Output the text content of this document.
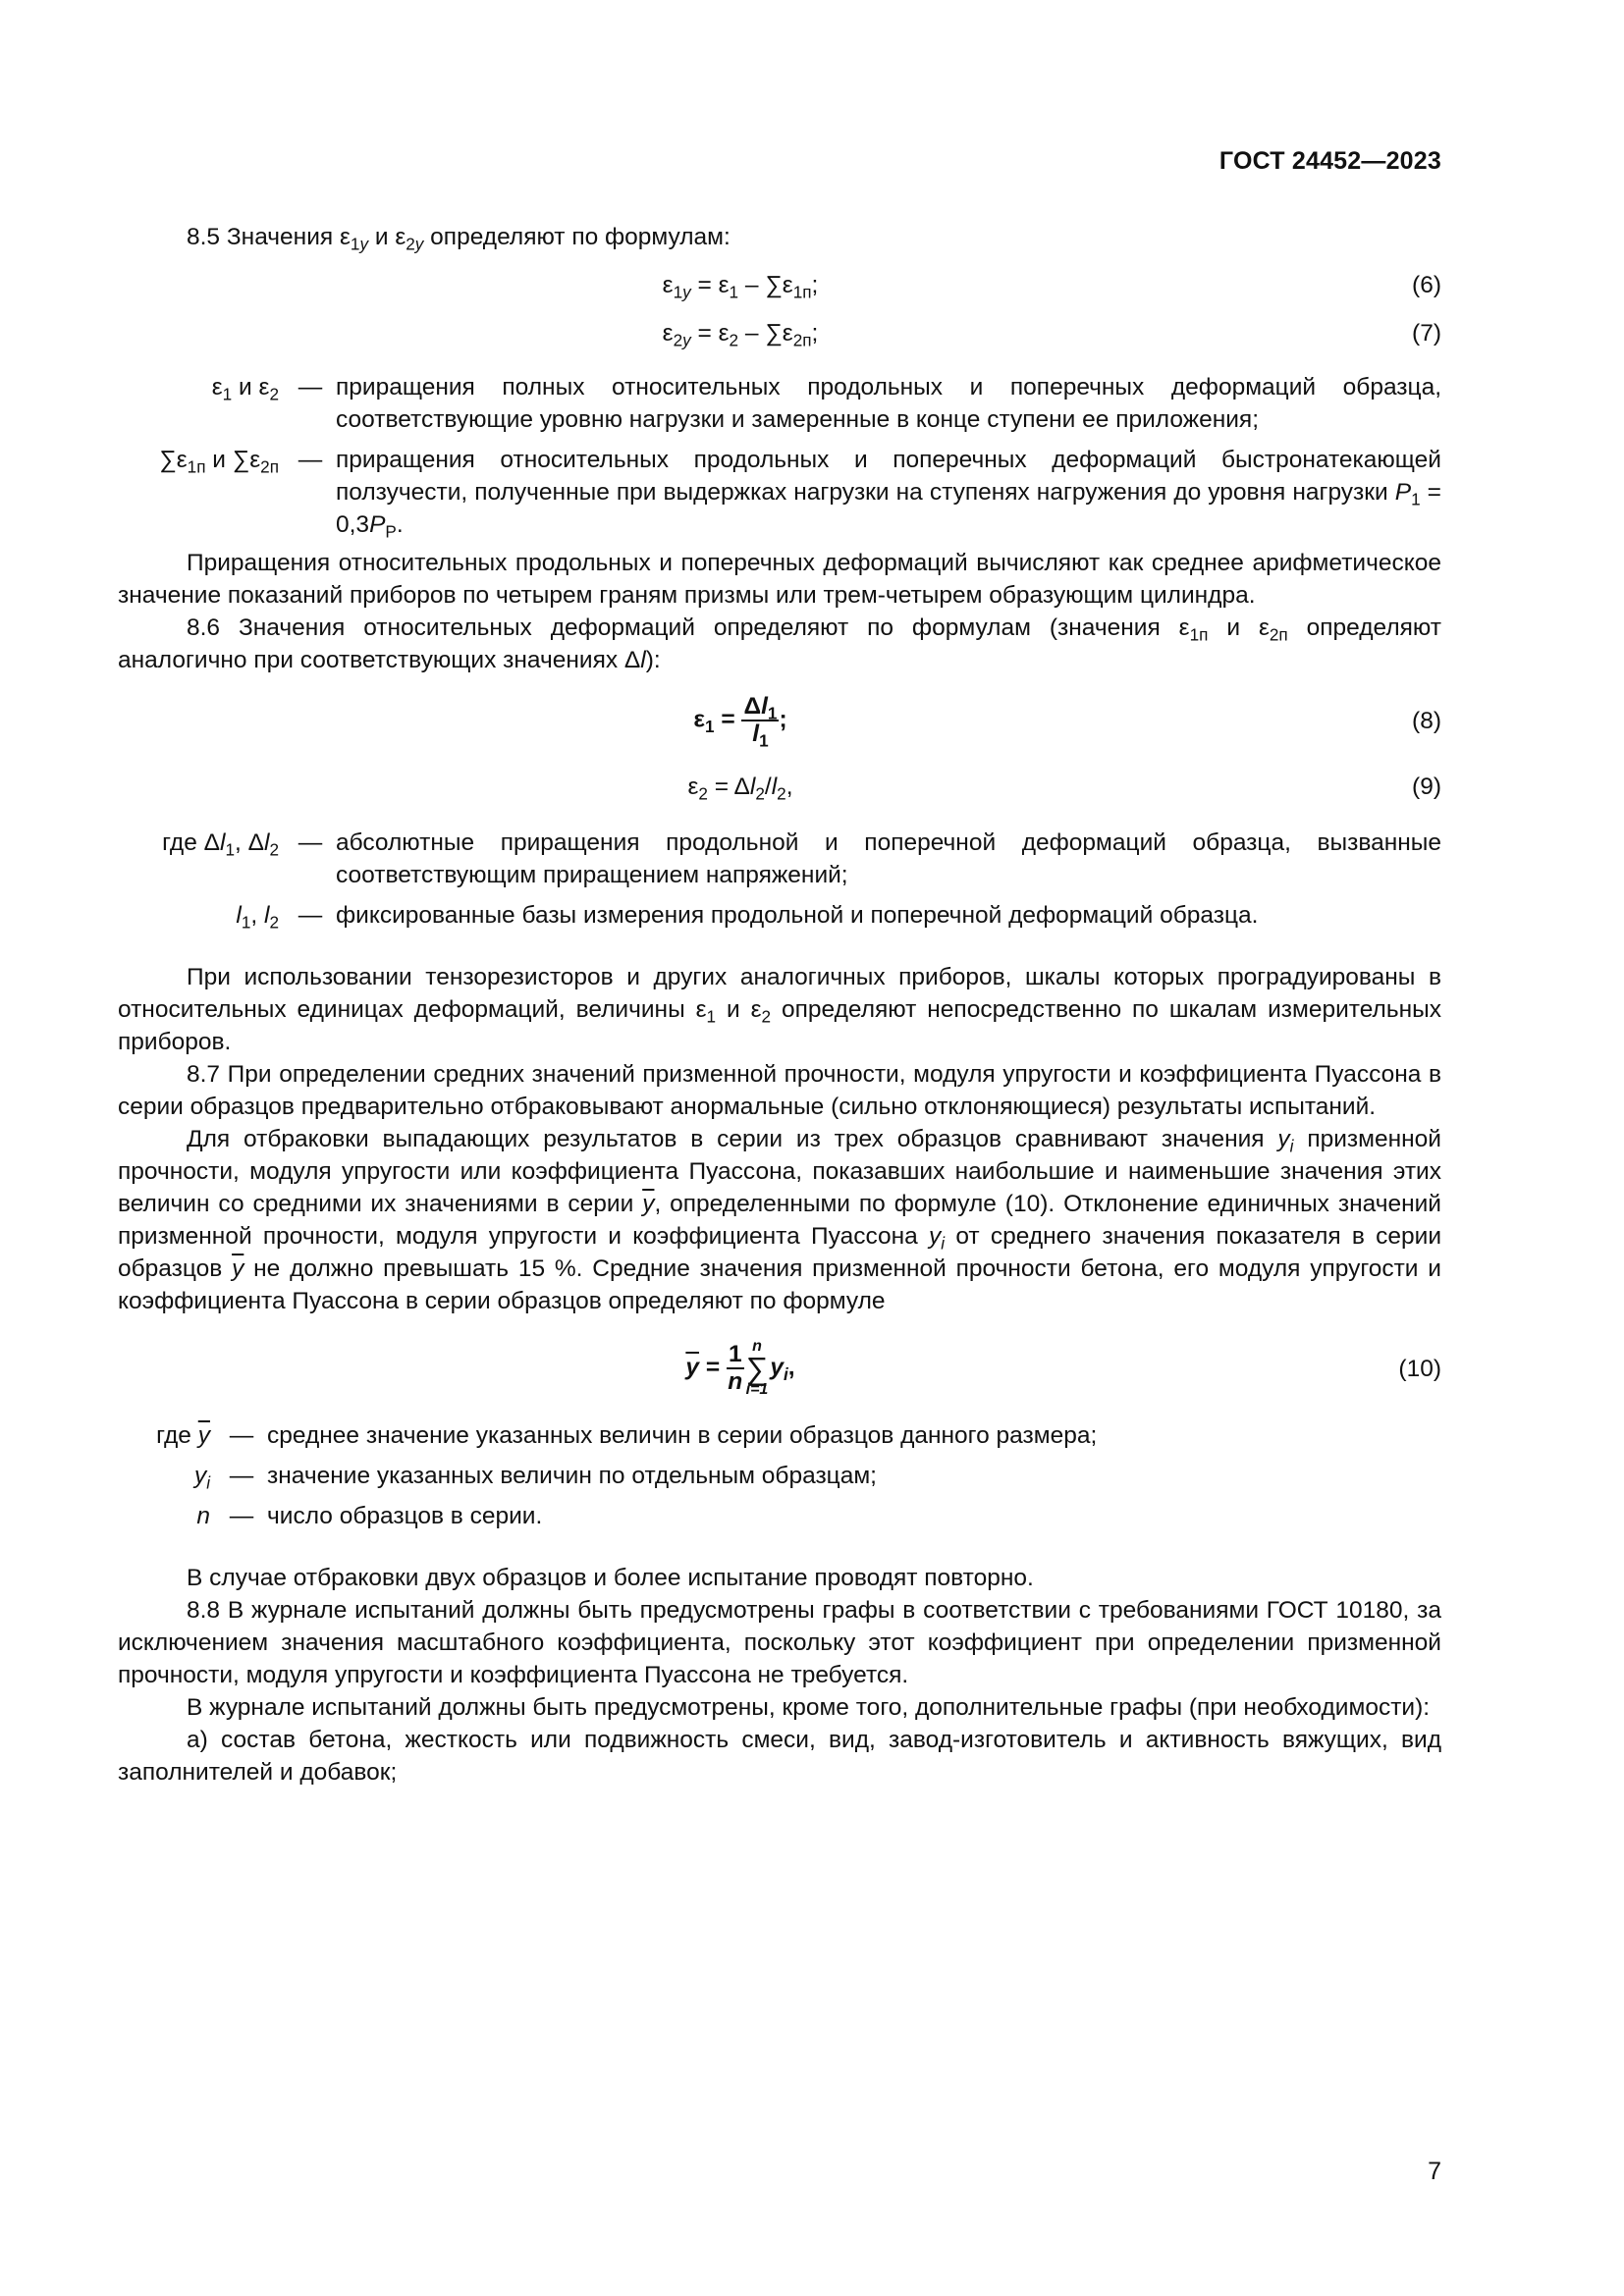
ГОСТ 24452—2023

8.5 Значения $\varepsilon_{1y}$ и $\varepsilon_{2y}$ определяют по формулам:

$\varepsilon_{1y} = \varepsilon_1 - \sum\varepsilon_{1п}$;	(6)
$\varepsilon_{2y} = \varepsilon_2 - \sum\varepsilon_{2п}$;	(7)
$\varepsilon_1$ и $\varepsilon_2$ — приращения полных относительных продольных и поперечных деформаций образца, соответствующие уровню нагрузки и замеренные в конце ступени ее приложения;
$\sum\varepsilon_{1п}$ и $\sum\varepsilon_{2п}$ — приращения относительных продольных и поперечных деформаций быстронатекающей ползучести, полученные при выдержках нагрузки на ступенях нагружения до уровня нагрузки $P_1 = 0,3P_Р$.

Приращения относительных продольных и поперечных деформаций вычисляют как среднее арифметическое значение показаний приборов по четырем граням призмы или трем-четырем образующим цилиндра.

8.6 Значения относительных деформаций определяют по формулам (значения $\varepsilon_{1п}$ и $\varepsilon_{2п}$ определяют аналогично при соответствующих значениях Δl):

$\varepsilon_1 = \frac{\Delta l_1}{l_1}$ ;	(8)
$\varepsilon_2 = \Delta l_2/l_2$,	(9)
где $\Delta l_1$, $\Delta l_2$ — абсолютные приращения продольной и поперечной деформаций образца, вызванные соответствующим приращением напряжений;
$l_1$, $l_2$ — фиксированные базы измерения продольной и поперечной деформаций образца.

При использовании тензорезисторов и других аналогичных приборов, шкалы которых проградуированы в относительных единицах деформаций, величины $\varepsilon_1$ и $\varepsilon_2$ определяют непосредственно по шкалам измерительных приборов.

8.7 При определении средних значений призменной прочности, модуля упругости и коэффициента Пуассона в серии образцов предварительно отбраковывают анормальные (сильно отклоняющиеся) результаты испытаний.

Для отбраковки выпадающих результатов в серии из трех образцов сравнивают значения $y_i$ призменной прочности, модуля упругости или коэффициента Пуассона, показавших наибольшие и наименьшие значения этих величин со средними их значениями в серии $\overline{y}$, определенными по формуле (10). Отклонение единичных значений призменной прочности, модуля упругости и коэффициента Пуассона $y_i$ от среднего значения показателя в серии образцов $\overline{y}$ не должно превышать 15 %. Средние значения призменной прочности бетона, его модуля упругости и коэффициента Пуассона в серии образцов определяют по формуле

$\overline{y} = \frac{1}{n}$ n
∑
i=1
$y_i$,	(10)
где $\overline{y}$ — среднее значение указанных величин в серии образцов данного размера;
$y_i$ — значение указанных величин по отдельным образцам;
n — число образцов в серии.

В случае отбраковки двух образцов и более испытание проводят повторно.

8.8 В журнале испытаний должны быть предусмотрены графы в соответствии с требованиями ГОСТ 10180, за исключением значения масштабного коэффициента, поскольку этот коэффициент при определении призменной прочности, модуля упругости и коэффициента Пуассона не требуется.

В журнале испытаний должны быть предусмотрены, кроме того, дополнительные графы (при необходимости):

а) состав бетона, жесткость или подвижность смеси, вид, завод-изготовитель и активность вяжущих, вид заполнителей и добавок;

7
